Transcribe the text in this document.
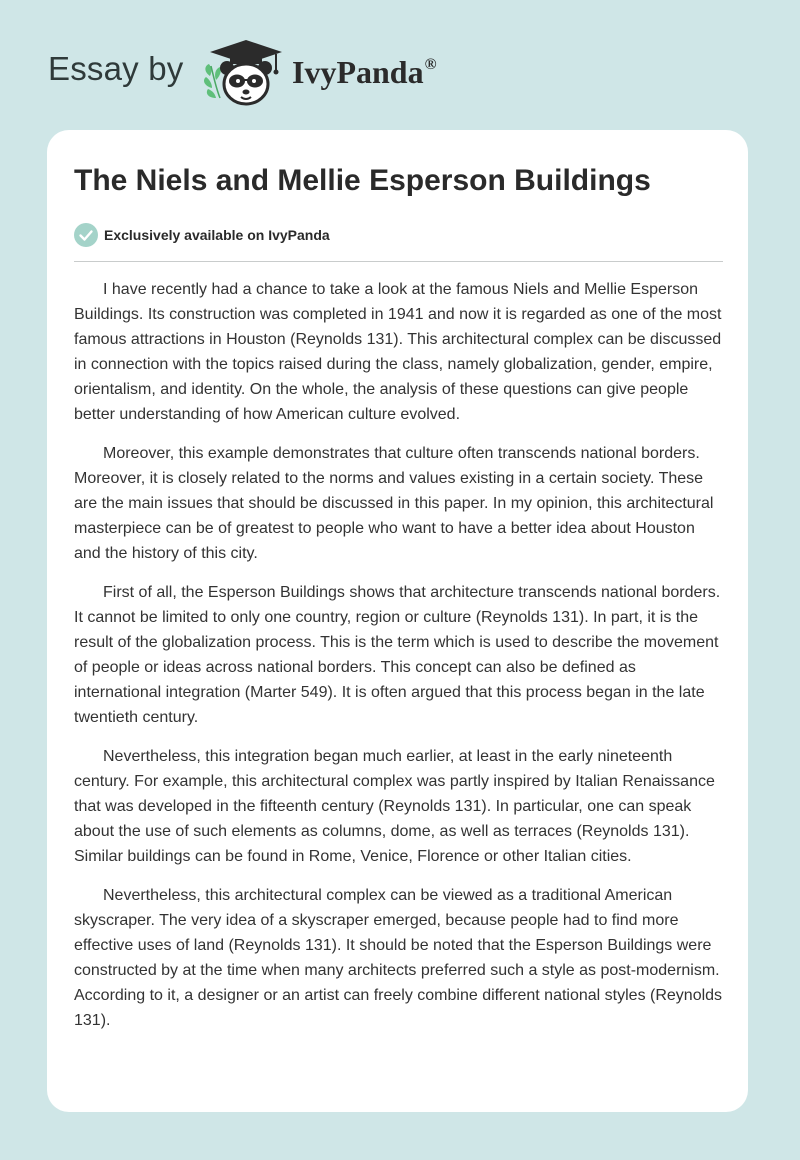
Essay by	IvyPanda®
The Niels and Mellie Esperson Buildings
Exclusively available on IvyPanda

I have recently had a chance to take a look at the famous Niels and Mellie Esperson Buildings. Its construction was completed in 1941 and now it is regarded as one of the most famous attractions in Houston (Reynolds 131). This architectural complex can be discussed in connection with the topics raised during the class, namely globalization, gender, empire, orientalism, and identity. On the whole, the analysis of these questions can give people better understanding of how American culture evolved.

Moreover, this example demonstrates that culture often transcends national borders. Moreover, it is closely related to the norms and values existing in a certain society. These are the main issues that should be discussed in this paper. In my opinion, this architectural masterpiece can be of greatest to people who want to have a better idea about Houston and the history of this city.

First of all, the Esperson Buildings shows that architecture transcends national borders. It cannot be limited to only one country, region or culture (Reynolds 131). In part, it is the result of the globalization process. This is the term which is used to describe the movement of people or ideas across national borders. This concept can also be defined as international integration (Marter 549). It is often argued that this process began in the late twentieth century.

Nevertheless, this integration began much earlier, at least in the early nineteenth century. For example, this architectural complex was partly inspired by Italian Renaissance that was developed in the fifteenth century (Reynolds 131). In particular, one can speak about the use of such elements as columns, dome, as well as terraces (Reynolds 131). Similar buildings can be found in Rome, Venice, Florence or other Italian cities.

Nevertheless, this architectural complex can be viewed as a traditional American skyscraper. The very idea of a skyscraper emerged, because people had to find more effective uses of land (Reynolds 131). It should be noted that the Esperson Buildings were constructed by at the time when many architects preferred such a style as post-modernism. According to it, a designer or an artist can freely combine different national styles (Reynolds 131).
